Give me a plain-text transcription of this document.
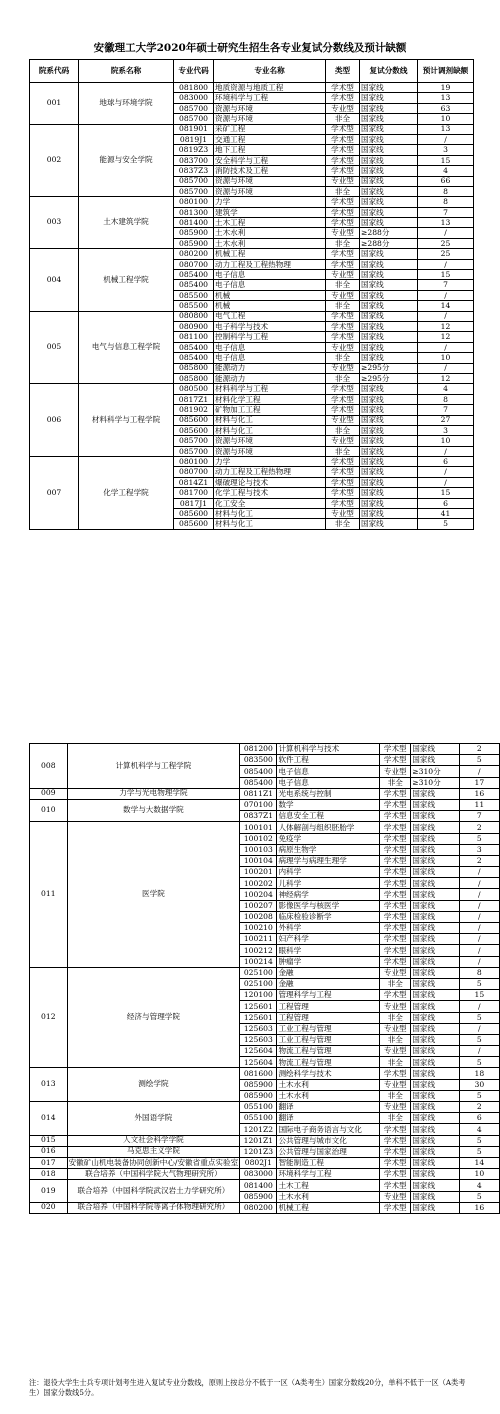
安徽理工大学2020年硕士研究生招生各专业复试分数线及预计缺额
院系代码	院系名称	专业代码	专业名称	类型	复试分数线	预计调剂缺额
001	地球与环境学院	081800	地质资源与地质工程	学术型	国家线	19
		083000	环境科学与工程	学术型	国家线	13
		085700	资源与环境	专业型	国家线	63
		085700	资源与环境	非全	国家线	10
002	能源与安全学院	081901	采矿工程	学术型	国家线	13
		0819J1	交通工程	学术型	国家线	/
		0819Z3	地下工程	学术型	国家线	3
		083700	安全科学与工程	学术型	国家线	15
		0837Z3	消防技术及工程	学术型	国家线	4
		085700	资源与环境	专业型	国家线	66
		085700	资源与环境	非全	国家线	8
003	土木建筑学院	080100	力学	学术型	国家线	8
		081300	建筑学	学术型	国家线	7
		081400	土木工程	学术型	国家线	13
		085900	土木水利	专业型	≥288分	/
		085900	土木水利	非全	≥288分	25
004	机械工程学院	080200	机械工程	学术型	国家线	25
		080700	动力工程及工程热物理	学术型	国家线	/
		085400	电子信息	专业型	国家线	15
		085400	电子信息	非全	国家线	7
		085500	机械	专业型	国家线	/
		085500	机械	非全	国家线	14
005	电气与信息工程学院	080800	电气工程	学术型	国家线	/
		080900	电子科学与技术	学术型	国家线	12
		081100	控制科学与工程	学术型	国家线	12
		085400	电子信息	专业型	国家线	/
		085400	电子信息	非全	国家线	10
		085800	能源动力	专业型	≥295分	/
		085800	能源动力	非全	≥295分	12
006	材料科学与工程学院	080500	材料科学与工程	学术型	国家线	4
		0817Z1	材料化学工程	学术型	国家线	8
		081902	矿物加工工程	学术型	国家线	7
		085600	材料与化工	专业型	国家线	27
		085600	材料与化工	非全	国家线	3
		085700	资源与环境	专业型	国家线	10
		085700	资源与环境	非全	国家线	/
007	化学工程学院	080100	力学	学术型	国家线	6
		080700	动力工程及工程热物理	学术型	国家线	/
		0814Z1	爆破理论与技术	学术型	国家线	/
		081700	化学工程与技术	学术型	国家线	15
		0817J1	化工安全	学术型	国家线	6
		085600	材料与化工	专业型	国家线	41
		085600	材料与化工	非全	国家线	5
008	计算机科学与工程学院	081200	计算机科学与技术	学术型	国家线	2
		083500	软件工程	学术型	国家线	5
		085400	电子信息	专业型	≥310分	/
		085400	电子信息	非全	≥310分	17
009	力学与光电物理学院	0811Z1	光电系统与控制	学术型	国家线	16
010	数学与大数据学院	070100	数学	学术型	国家线	11
		0837Z1	信息安全工程	学术型	国家线	7
011	医学院	100101	人体解剖与组织胚胎学	学术型	国家线	2
		100102	免疫学	学术型	国家线	5
		100103	病原生物学	学术型	国家线	3
		100104	病理学与病理生理学	学术型	国家线	2
		100201	内科学	学术型	国家线	/
		100202	儿科学	学术型	国家线	/
		100204	神经病学	学术型	国家线	/
		100207	影像医学与核医学	学术型	国家线	/
		100208	临床检验诊断学	学术型	国家线	/
		100210	外科学	学术型	国家线	/
		100211	妇产科学	学术型	国家线	/
		100212	眼科学	学术型	国家线	/
		100214	肿瘤学	学术型	国家线	/
012	经济与管理学院	025100	金融	专业型	国家线	8
		025100	金融	非全	国家线	5
		120100	管理科学与工程	学术型	国家线	15
		125601	工程管理	专业型	国家线	/
		125601	工程管理	非全	国家线	5
		125603	工业工程与管理	专业型	国家线	/
		125603	工业工程与管理	非全	国家线	5
		125604	物流工程与管理	专业型	国家线	/
		125604	物流工程与管理	非全	国家线	5
013	测绘学院	081600	测绘科学与技术	学术型	国家线	18
		085900	土木水利	专业型	国家线	30
		085900	土木水利	非全	国家线	5
014	外国语学院	055100	翻译	专业型	国家线	2
		055100	翻译	非全	国家线	6
		1201Z2	国际电子商务语言与文化	学术型	国家线	4
015	人文社会科学学院	1201Z1	公共管理与城市文化	学术型	国家线	5
016	马克思主义学院	1201Z3	公共管理与国家治理	学术型	国家线	5
017	安徽矿山机电装备协同创新中心/安徽省重点实验室	0802J1	智能制造工程	学术型	国家线	14
018	联合培养（中国科学院大气物理研究所）	083000	环境科学与工程	学术型	国家线	10
019	联合培养（中国科学院武汉岩土力学研究所）	081400	土木工程	学术型	国家线	4
		085900	土木水利	专业型	国家线	5
020	联合培养（中国科学院等离子体物理研究所）	080200	机械工程	学术型	国家线	16
注：退役大学生士兵专项计划考生进入复试专业分数线，原则上按总分不低于一区（A类考生）国家分数线20分，单科不低于一区（A类考生）国家分数线5分。
